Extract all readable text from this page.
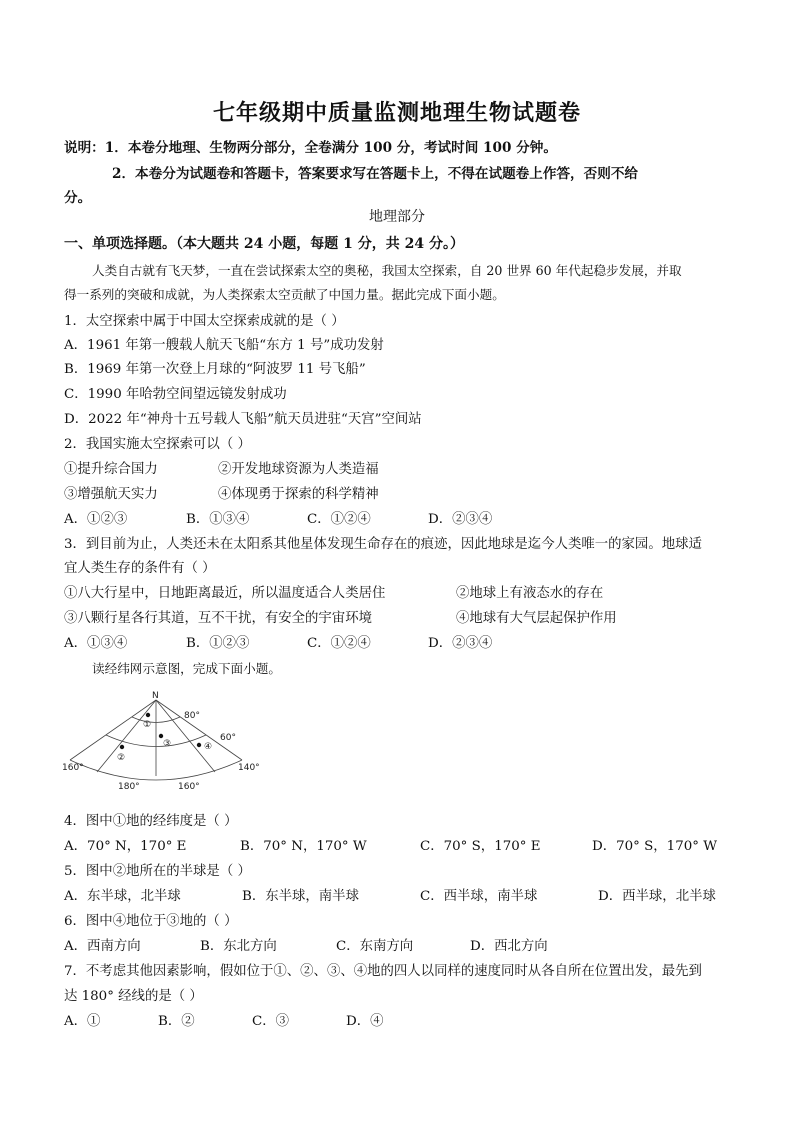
七年级期中质量监测地理生物试题卷
说明：1．本卷分地理、生物两分部分，全卷满分 100 分，考试时间 100 分钟。
2．本卷分为试题卷和答题卡，答案要求写在答题卡上，不得在试题卷上作答，否则不给
分。
地理部分
一、单项选择题。（本大题共 24 小题，每题 1 分，共 24 分。）
人类自古就有飞天梦，一直在尝试探索太空的奥秘，我国太空探索，自 20 世界 60 年代起稳步发展，并取
得一系列的突破和成就，为人类探索太空贡献了中国力量。据此完成下面小题。
1．太空探索中属于中国太空探索成就的是（ ）
A．1961 年第一艘载人航天飞船“东方 1 号”成功发射
B．1969 年第一次登上月球的“阿波罗 11 号飞船”
C．1990 年哈勃空间望远镜发射成功
D．2022 年“神舟十五号载人飞船”航天员进驻“天宫”空间站
2．我国实施太空探索可以（ ）
①提升综合国力	②开发地球资源为人类造福
③增强航天实力	④体现勇于探索的科学精神
A．①②③	B．①③④	C．①②④	D．②③④
3．到目前为止，人类还未在太阳系其他星体发现生命存在的痕迹，因此地球是迄今人类唯一的家园。地球适
宜人类生存的条件有（ ）
①八大行星中，日地距离最近，所以温度适合人类居住	②地球上有液态水的存在
③八颗行星各行其道，互不干扰，有安全的宇宙环境	④地球有大气层起保护作用
A．①③④	B．①②③	C．①②④	D．②③④
读经纬网示意图，完成下面小题。
N
80°
60°
160°
180°	160°
140°
①
②
③	④
4．图中①地的经纬度是（ ）
A．70° N，170° E	B．70° N，170° W	C．70° S，170° E	D．70° S，170° W
5．图中②地所在的半球是（ ）
A．东半球，北半球	B．东半球，南半球	C．西半球，南半球	D．西半球，北半球
6．图中④地位于③地的（ ）
A．西南方向	B．东北方向	C．东南方向	D．西北方向
7．不考虑其他因素影响，假如位于①、②、③、④地的四人以同样的速度同时从各自所在位置出发，最先到
达 180° 经线的是（ ）
A．①	B．②	C．③	D．④
